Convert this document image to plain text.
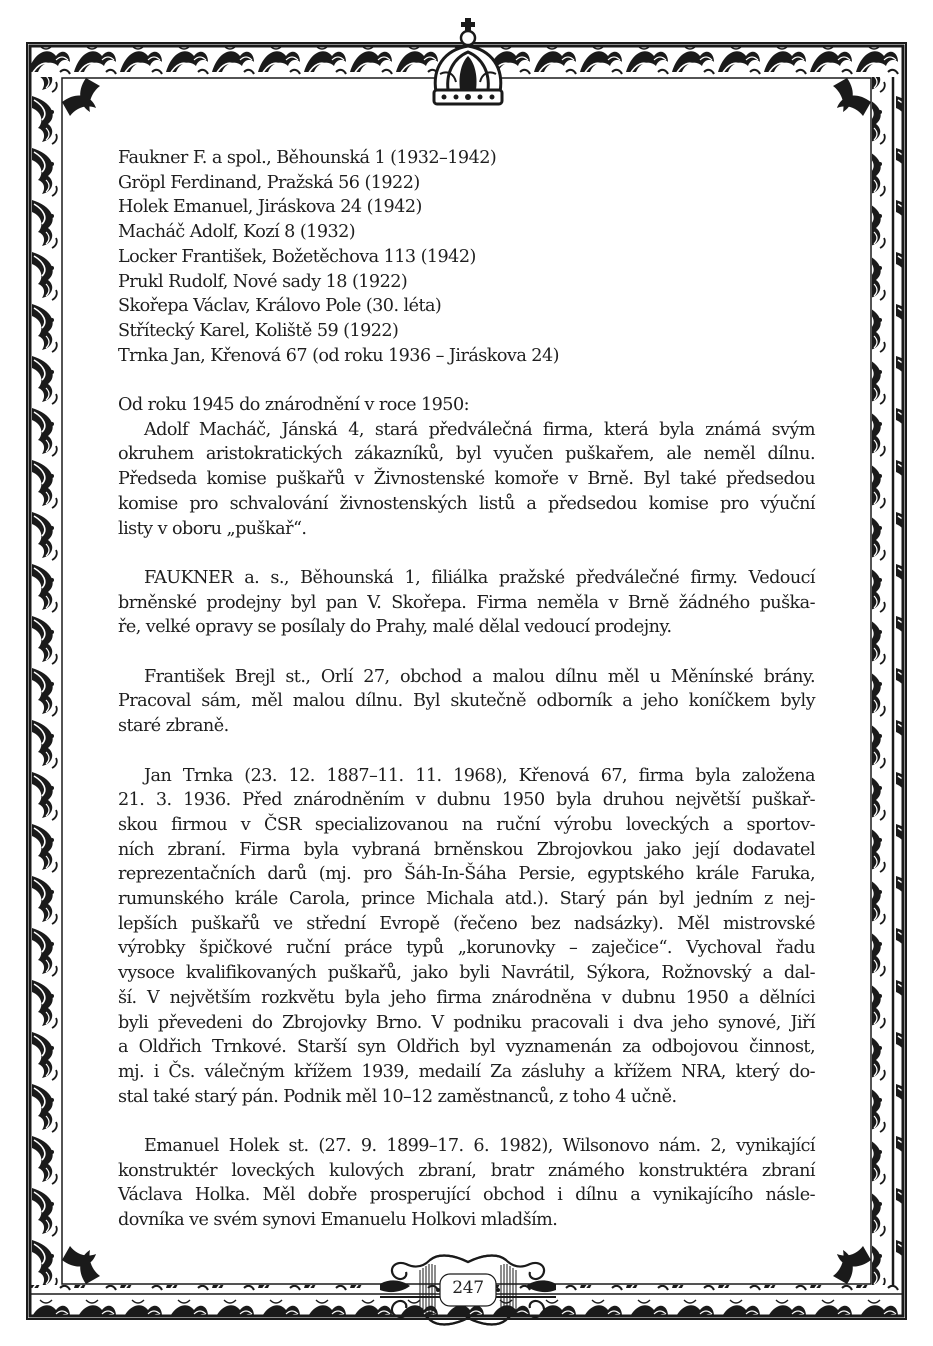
247
Faukner F. a spol., Běhounská 1 (1932–1942)
Gröpl Ferdinand, Pražská 56 (1922)
Holek Emanuel, Jiráskova 24 (1942)
Macháč Adolf, Kozí 8 (1932)
Locker František, Božetěchova 113 (1942)
Prukl Rudolf, Nové sady 18 (1922)
Skořepa Václav, Královo Pole (30. léta)
Střítecký Karel, Koliště 59 (1922)
Trnka Jan, Křenová 67 (od roku 1936 – Jiráskova 24)
Od roku 1945 do znárodnění v roce 1950:
Adolf Macháč, Jánská 4, stará předválečná firma, která byla známá svým
okruhem aristokratických zákazníků, byl vyučen puškařem, ale neměl dílnu.
Předseda komise puškařů v Živnostenské komoře v Brně. Byl také předsedou
komise pro schvalování živnostenských listů a předsedou komise pro výuční
listy v oboru „puškař“.
FAUKNER a. s., Běhounská 1, filiálka pražské předválečné firmy. Vedoucí
brněnské prodejny byl pan V. Skořepa. Firma neměla v Brně žádného puška-
ře, velké opravy se posílaly do Prahy, malé dělal vedoucí prodejny.
František Brejl st., Orlí 27, obchod a malou dílnu měl u Měnínské brány.
Pracoval sám, měl malou dílnu. Byl skutečně odborník a jeho koníčkem byly
staré zbraně.
Jan Trnka (23. 12. 1887–11. 11. 1968), Křenová 67, firma byla založena
21. 3. 1936. Před znárodněním v dubnu 1950 byla druhou největší puškař-
skou firmou v ČSR specializovanou na ruční výrobu loveckých a sportov-
ních zbraní. Firma byla vybraná brněnskou Zbrojovkou jako její dodavatel
reprezentačních darů (mj. pro Šáh-In-Šáha Persie, egyptského krále Faruka,
rumunského krále Carola, prince Michala atd.). Starý pán byl jedním z nej-
lepších puškařů ve střední Evropě (řečeno bez nadsázky). Měl mistrovské
výrobky špičkové ruční práce typů „korunovky – zaječice“. Vychoval řadu
vysoce kvalifikovaných puškařů, jako byli Navrátil, Sýkora, Rožnovský a dal-
ší. V největším rozkvětu byla jeho firma znárodněna v dubnu 1950 a dělníci
byli převedeni do Zbrojovky Brno. V podniku pracovali i dva jeho synové, Jiří
a Oldřich Trnkové. Starší syn Oldřich byl vyznamenán za odbojovou činnost,
mj. i Čs. válečným křížem 1939, medailí Za zásluhy a křížem NRA, který do-
stal také starý pán. Podnik měl 10–12 zaměstnanců, z toho 4 učně.
Emanuel Holek st. (27. 9. 1899–17. 6. 1982), Wilsonovo nám. 2, vynikající
konstruktér loveckých kulových zbraní, bratr známého konstruktéra zbraní
Václava Holka. Měl dobře prosperující obchod i dílnu a vynikajícího násle-
dovníka ve svém synovi Emanuelu Holkovi mladším.
